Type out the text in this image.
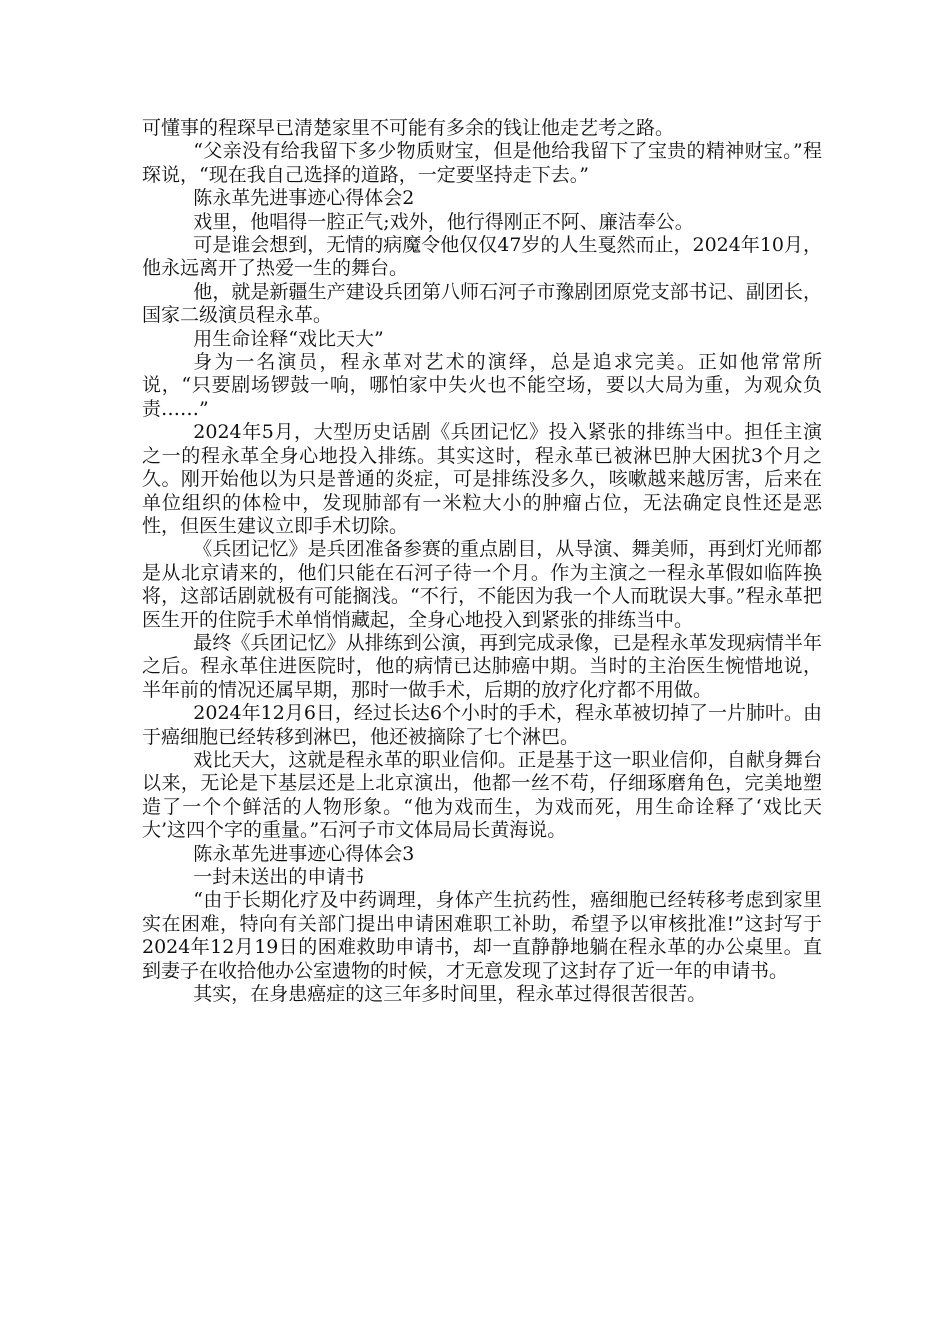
可懂事的程琛早已清楚家里不可能有多余的钱让他走艺考之路。

“父亲没有给我留下多少物质财宝，但是他给我留下了宝贵的精神财宝。”程琛说，“现在我自己选择的道路，一定要坚持走下去。”

陈永革先进事迹心得体会2

戏里，他唱得一腔正气;戏外，他行得刚正不阿、廉洁奉公。

可是谁会想到，无情的病魔令他仅仅47岁的人生戛然而止，2024年10月，他永远离开了热爱一生的舞台。

他，就是新疆生产建设兵团第八师石河子市豫剧团原党支部书记、副团长，国家二级演员程永革。

用生命诠释“戏比天大”

身为一名演员，程永革对艺术的演绎，总是追求完美。正如他常常所说，“只要剧场锣鼓一响，哪怕家中失火也不能空场，要以大局为重，为观众负责……”

2024年5月，大型历史话剧《兵团记忆》投入紧张的排练当中。担任主演之一的程永革全身心地投入排练。其实这时，程永革已被淋巴肿大困扰3个月之久。刚开始他以为只是普通的炎症，可是排练没多久，咳嗽越来越厉害，后来在单位组织的体检中，发现肺部有一米粒大小的肿瘤占位，无法确定良性还是恶性，但医生建议立即手术切除。

《兵团记忆》是兵团准备参赛的重点剧目，从导演、舞美师，再到灯光师都是从北京请来的，他们只能在石河子待一个月。作为主演之一程永革假如临阵换将，这部话剧就极有可能搁浅。“不行，不能因为我一个人而耽误大事。”程永革把医生开的住院手术单悄悄藏起，全身心地投入到紧张的排练当中。

最终《兵团记忆》从排练到公演，再到完成录像，已是程永革发现病情半年之后。程永革住进医院时，他的病情已达肺癌中期。当时的主治医生惋惜地说，半年前的情况还属早期，那时一做手术，后期的放疗化疗都不用做。

2024年12月6日，经过长达6个小时的手术，程永革被切掉了一片肺叶。由于癌细胞已经转移到淋巴，他还被摘除了七个淋巴。

戏比天大，这就是程永革的职业信仰。正是基于这一职业信仰，自献身舞台以来，无论是下基层还是上北京演出，他都一丝不苟，仔细琢磨角色，完美地塑造了一个个鲜活的人物形象。“他为戏而生，为戏而死，用生命诠释了‘戏比天大’这四个字的重量。”石河子市文体局局长黄海说。

陈永革先进事迹心得体会3

一封未送出的申请书

“由于长期化疗及中药调理，身体产生抗药性，癌细胞已经转移考虑到家里实在困难，特向有关部门提出申请困难职工补助，希望予以审核批准!”这封写于2024年12月19日的困难救助申请书，却一直静静地躺在程永革的办公桌里。直到妻子在收拾他办公室遗物的时候，才无意发现了这封存了近一年的申请书。

其实，在身患癌症的这三年多时间里，程永革过得很苦很苦。
